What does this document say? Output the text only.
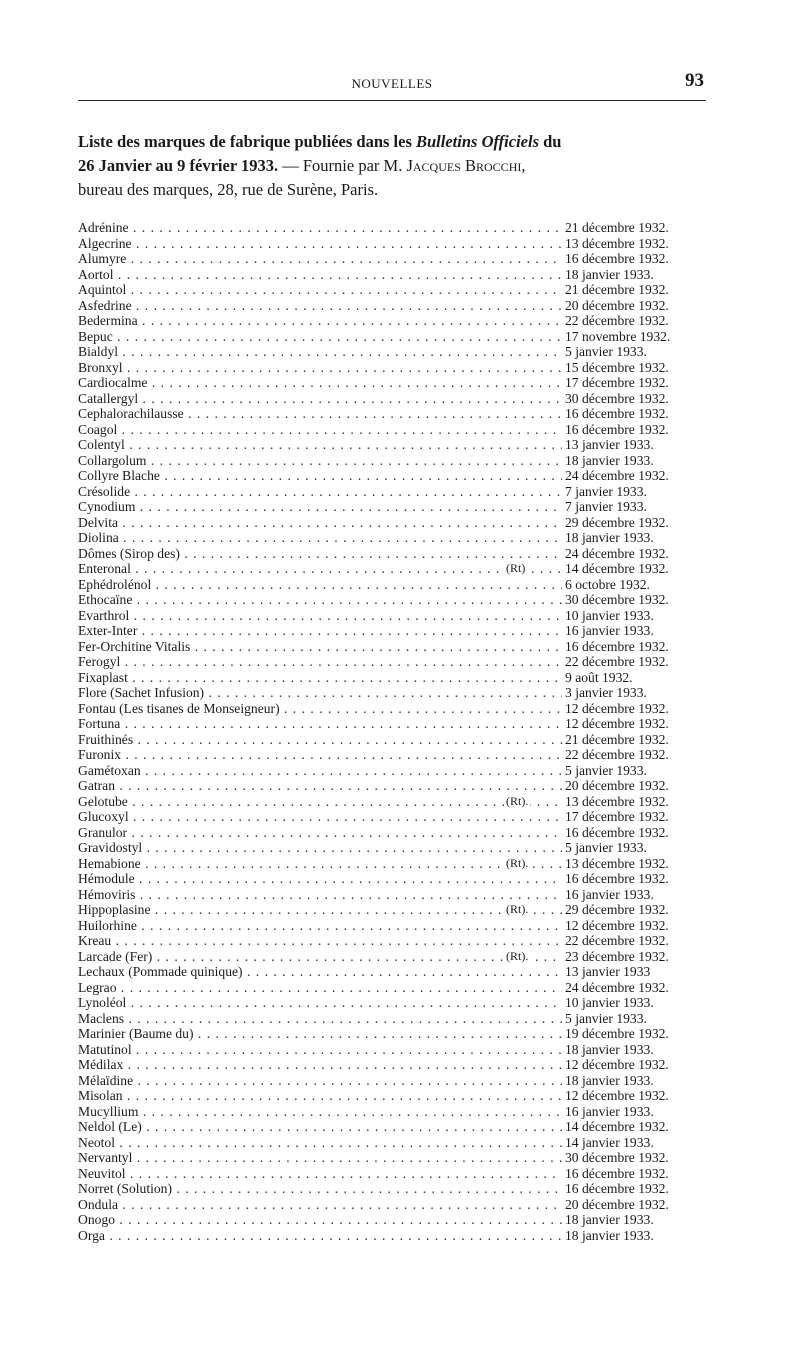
NOUVELLES	93
Liste des marques de fabrique publiées dans les Bulletins Officiels du
26 Janvier au 9 février 1933. — Fournie par M. Jacques Brocchi,
bureau des marques, 28, rue de Surène, Paris.
Adrénine . . .	21 décembre 1932.
Algecrine . . .	13 décembre 1932.
Alumyre . . .	16 décembre 1932.
Aortol . . .	18 janvier 1933.
Aquintol . . .	21 décembre 1932.
Asfedrine . . .	20 décembre 1932.
Bedermina . . .	22 décembre 1932.
Bepuc . . .	17 novembre 1932.
Bialdyl . . .	5 janvier 1933.
Bronxyl . . .	15 décembre 1932.
Cardiocalme . . .	17 décembre 1932.
Catallergyl . . .	30 décembre 1932.
Cephalorachilausse . . .	16 décembre 1932.
Coagol . . .	16 décembre 1932.
Colentyl . . .	13 janvier 1933.
Collargolum . . .	18 janvier 1933.
Collyre Blache . . .	24 décembre 1932.
Crésolide . . .	7 janvier 1933.
Cynodium . . .	7 janvier 1933.
Delvita . . .	29 décembre 1932.
Diolina . . .	18 janvier 1933.
Dômes (Sirop des) . . .	24 décembre 1932.
Enteronal . . .	(Rt)	14 décembre 1932.
Ephédrolénol . . .	6 octobre 1932.
Ethocaïne . . .	30 décembre 1932.
Evarthrol . . .	10 janvier 1933.
Exter-Inter . . .	16 janvier 1933.
Fer-Orchitine Vitalis . . .	16 décembre 1932.
Ferogyl . . .	22 décembre 1932.
Fixaplast . . .	9 août 1932.
Flore (Sachet Infusion) . . .	3 janvier 1933.
Fontau (Les tisanes de Monseigneur) . . .	12 décembre 1932.
Fortuna . . .	12 décembre 1932.
Fruithinés . . .	21 décembre 1932.
Furonix . . .	22 décembre 1932.
Gamétoxan . . .	5 janvier 1933.
Gatran . . .	20 décembre 1932.
Gelotube . . .	(Rt).	13 décembre 1932.
Glucoxyl . . .	17 décembre 1932.
Granulor . . .	16 décembre 1932.
Gravidostyl . . .	5 janvier 1933.
Hemabione . . .	(Rt).	13 décembre 1932.
Hémodule . . .	16 décembre 1932.
Hémoviris . . .	16 janvier 1933.
Hippoplasine . . .	(Rt).	29 décembre 1932.
Huilorhine . . .	12 décembre 1932.
Kreau . . .	22 décembre 1932.
Larcade (Fer) . . .	(Rt).	23 décembre 1932.
Lechaux (Pommade quinique) . . .	13 janvier 1933
Legrao . . .	24 décembre 1932.
Lynoléol . . .	10 janvier 1933.
Maclens . . .	5 janvier 1933.
Marinier (Baume du) . . .	19 décembre 1932.
Matutinol . . .	18 janvier 1933.
Médilax . . .	12 décembre 1932.
Mélaïdine . . .	18 janvier 1933.
Misolan . . .	12 décembre 1932.
Mucyllium . . .	16 janvier 1933.
Neldol (Le) . . .	14 décembre 1932.
Neotol . . .	14 janvier 1933.
Nervantyl . . .	30 décembre 1932.
Neuvitol . . .	16 décembre 1932.
Norret (Solution) . . .	16 décembre 1932.
Ondula . . .	20 décembre 1932.
Onogo . . .	18 janvier 1933.
Orga . . .	18 janvier 1933.
